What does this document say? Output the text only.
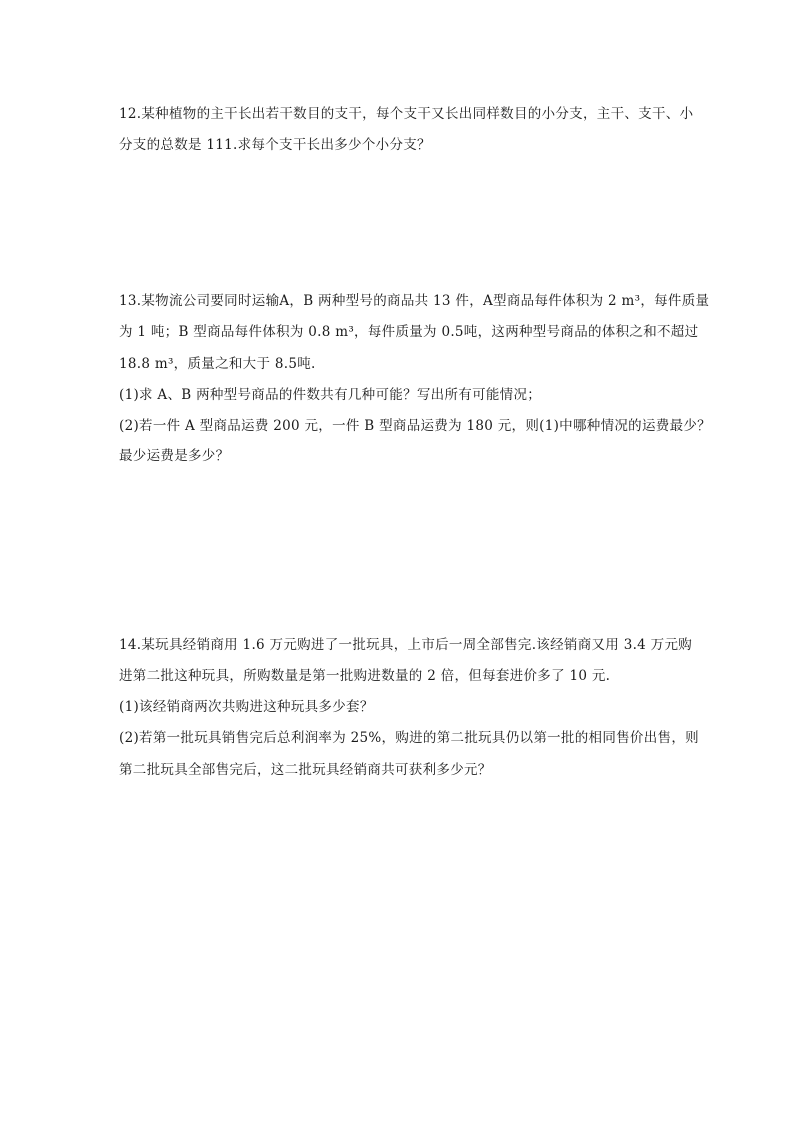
12.某种植物的主干长出若干数目的支干，每个支干又长出同样数目的小分支，主干、支干、小
分支的总数是 111.求每个支干长出多少个小分支？
13.某物流公司要同时运输A，B 两种型号的商品共 13 件，A型商品每件体积为 2 m³，每件质量
为 1 吨；B 型商品每件体积为 0.8 m³，每件质量为 0.5吨，这两种型号商品的体积之和不超过
18.8 m³，质量之和大于 8.5吨.
(1)求 A、B 两种型号商品的件数共有几种可能？写出所有可能情况；
(2)若一件 A 型商品运费 200 元，一件 B 型商品运费为 180 元，则(1)中哪种情况的运费最少？
最少运费是多少？
14.某玩具经销商用 1.6 万元购进了一批玩具，上市后一周全部售完.该经销商又用 3.4 万元购
进第二批这种玩具，所购数量是第一批购进数量的 2 倍，但每套进价多了 10 元.
(1)该经销商两次共购进这种玩具多少套？
(2)若第一批玩具销售完后总利润率为 25%，购进的第二批玩具仍以第一批的相同售价出售，则
第二批玩具全部售完后，这二批玩具经销商共可获利多少元？
